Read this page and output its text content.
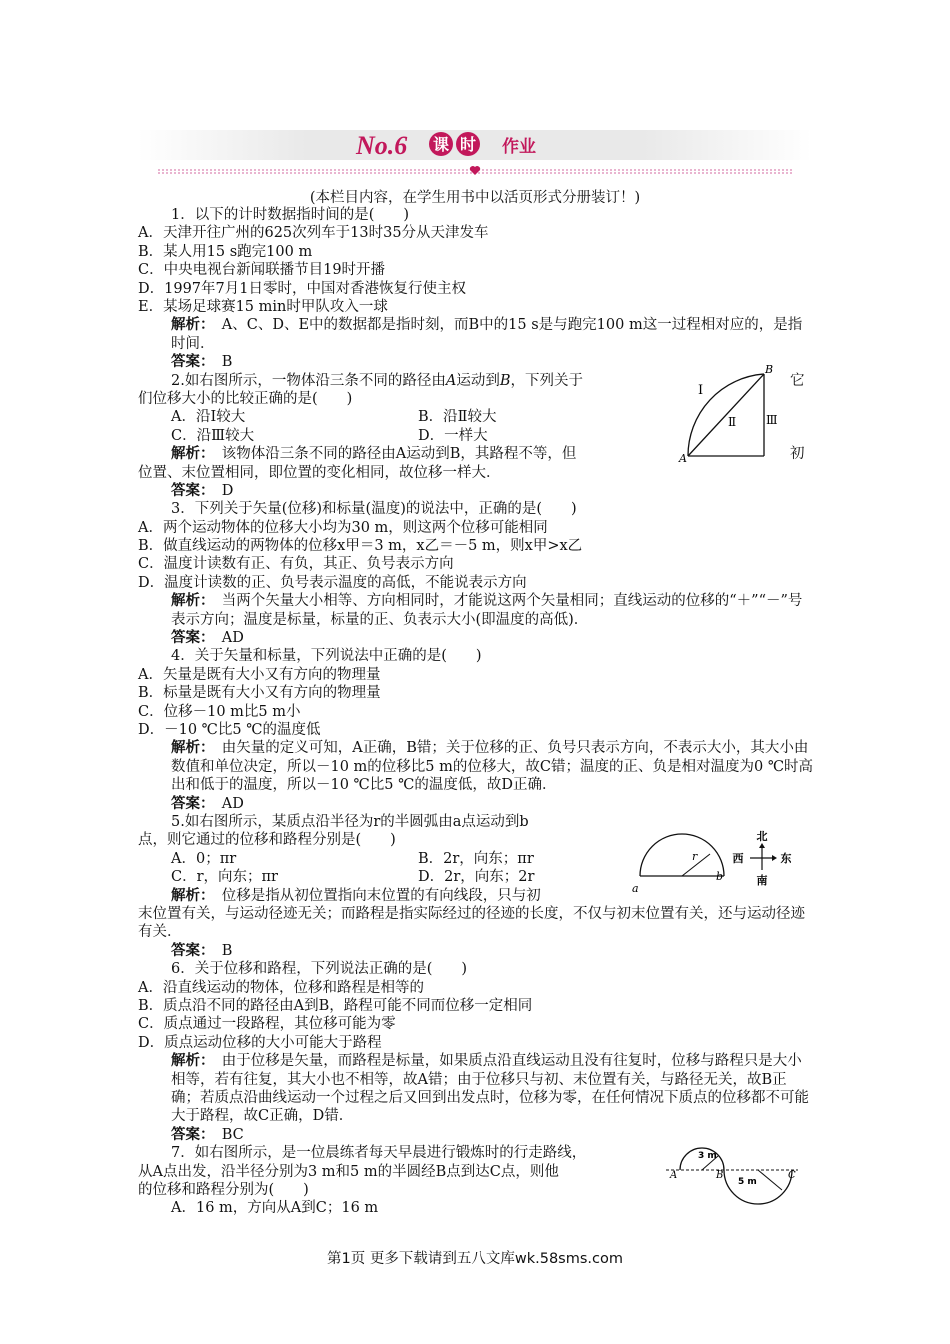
No.6 课 时 作业
(本栏目内容，在学生用书中以活页形式分册装订！)
1．以下的计时数据指时间的是(　　)
A．天津开往广州的625次列车于13时35分从天津发车
B．某人用15 s跑完100 m
C．中央电视台新闻联播节目19时开播
D．1997年7月1日零时，中国对香港恢复行使主权
E．某场足球赛15 min时甲队攻入一球
解析：　A、C、D、E中的数据都是指时刻，而B中的15 s是与跑完100 m这一过程相对应的，是指时间．
答案：　B
2.如右图所示，一物体沿三条不同的路径由A运动到B，下列关于	它
们位移大小的比较正确的是(　　)
A．沿Ⅰ较大	B．沿Ⅱ较大
C．沿Ⅲ较大	D．一样大
解析：　该物体沿三条不同的路径由A运动到B，其路程不等，但	初
位置、末位置相同，即位置的变化相同，故位移一样大．
答案：　D
3．下列关于矢量(位移)和标量(温度)的说法中，正确的是(　　)
A．两个运动物体的位移大小均为30 m，则这两个位移可能相同
B．做直线运动的两物体的位移x甲＝3 m，x乙＝－5 m，则x甲>x乙
C．温度计读数有正、有负，其正、负号表示方向
D．温度计读数的正、负号表示温度的高低，不能说表示方向
解析：　当两个矢量大小相等、方向相同时，才能说这两个矢量相同；直线运动的位移的“＋”“－”号表示方向；温度是标量，标量的正、负表示大小(即温度的高低)．
答案：　AD
4．关于矢量和标量，下列说法中正确的是(　　)
A．矢量是既有大小又有方向的物理量
B．标量是既有大小又有方向的物理量
C．位移－10 m比5 m小
D．－10 ℃比5 ℃的温度低
解析：　由矢量的定义可知，A正确，B错；关于位移的正、负号只表示方向，不表示大小，其大小由数值和单位决定，所以－10 m的位移比5 m的位移大，故C错；温度的正、负是相对温度为0 ℃时高出和低于的温度，所以－10 ℃比5 ℃的温度低，故D正确．
答案：　AD
5.如右图所示，某质点沿半径为r的半圆弧由a点运动到b
点，则它通过的位移和路程分别是(　　)
A．0；πr	B．2r，向东；πr
C．r，向东；πr	D．2r，向东；2r
解析：　位移是指从初位置指向末位置的有向线段，只与初
末位置有关，与运动径迹无关；而路程是指实际经过的径迹的长度，不仅与初末位置有关，还与运动径迹有关．
答案：　B
6．关于位移和路程，下列说法正确的是(　　)
A．沿直线运动的物体，位移和路程是相等的
B．质点沿不同的路径由A到B，路程可能不同而位移一定相同
C．质点通过一段路程，其位移可能为零
D．质点运动位移的大小可能大于路程
解析：　由于位移是矢量，而路程是标量，如果质点沿直线运动且没有往复时，位移与路程只是大小相等，若有往复，其大小也不相等，故A错；由于位移只与初、末位置有关，与路径无关，故B正确；若质点沿曲线运动一个过程之后又回到出发点时，位移为零，在任何情况下质点的位移都不可能大于路程，故C正确，D错．
答案：　BC
7．如右图所示，是一位晨练者每天早晨进行锻炼时的行走路线，
从A点出发，沿半径分别为3 m和5 m的半圆经B点到达C点，则他
的位移和路程分别为(　　)
A．16 m，方向从A到C；16 m
Ⅰ
Ⅱ Ⅲ
A
B
r
a
b
北
南
西	东
3 m
5 m
A	B	C
第1页 更多下载请到五八文库wk.58sms.com
